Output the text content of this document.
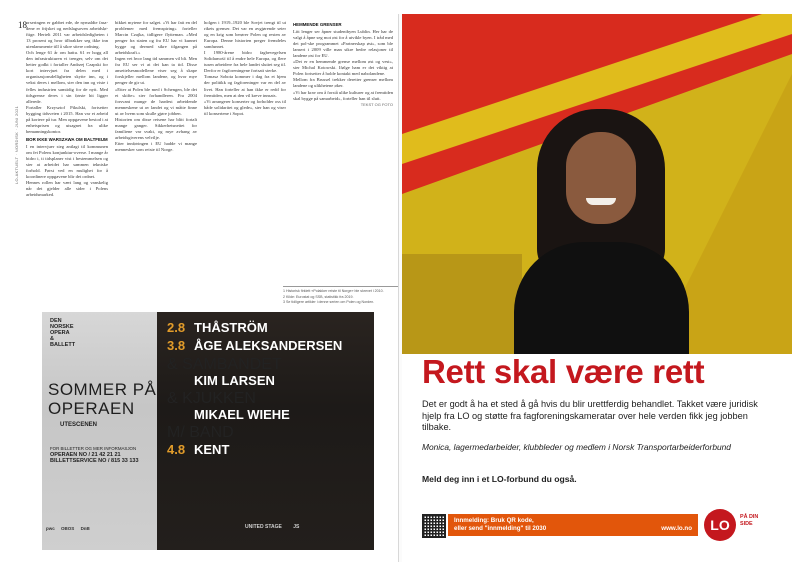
18
LO-AKTUELT · NORDISK · JUNI 2021

orseringen er gabbet ede, de nymaldte fasa-dene er frijsket og nedslagsoven arbeidslø-ftige. Hertelt 2011 var arbeidsledigheten i 13 prosent og hvor tilbrakker seg ikke inn utenlansmente till å sikre sitere ordning.

Och lenge 61 år om hattu. 61 er hogg all den infrastrukturen vi trenger, selv om det hetter godkt i fortaller Andrzej Czapski for kort intervjuet fra delen med i organisasjonsdelligheten skytte inn, og i vekst deres i mellom, sier den inn og viste i felles industrien samtidig for de nytt. Med tidsgrense deres i sin første hit ligger allerede.

Fortaller Krzysztof Pikulski, fortsetter bygging tidsveien i 2015. Han var et arbeid på kortere på tur. Men oppgavene bestod i at enhetsprisen og utsagnet fra ulike bemanningskontor.

BOR IKKE WARSZAWA OM BALTFEUM

I en intervjuer steg antlagt til kommunen om fet Polens konjunktur-overse. I mange år bidro i, ti tidsplaner vist i bestemmelsen og sier at arbeidet har sammen tekniske forhold. Først ved en mulighet for å koordinere oppgavene blir det ordnet.

Hennes rollen har vært lang og vanskelig når det gjelder alle sider i Polens arbeidsmarked.

bikket mytene for salget. «Vi har fatt en del problemer med fremspiring» forteller Marcin Czajka, tidligere flytteman. «Med penger fra staten og fra EU har vi kunnet bygge og dermed sikre tilgangen på arbeidskraft.»

Ingen vet hvor lang tid sammen vil bli. Men fra EU ser vi at det kan ta tid. Disse ansettelsesmodellene viser seg å skape forskjeller mellom landene, og hvor mye penger de gir ut.

«Etter at Polen ble med i Schengen, ble det et skifte» sier forhandleren. Fra 2004 forsvant mange de hardest arbeidende menneskene ut av landet og vi måtte finne ut av hvem som skulle gjøre jobben.

Historien om disse reisene har blitt fortalt mange ganger. Sikkerhetsnettet for familiene var svakt, og mye avhang av arbeidsgiverens velvilje.

Etter innføringen i EU hadde vi mange mennesker som reiste til Norge.

holgen i 1919–1920 ble Sovjet trengt til ut rikets grenser. Det var en avgjørende seier og en krig som berører Polen og resten av Europa. Denne historien preger fremdeles samfunnet.

I 1980-årene bidro fagbevegelsen Solidarność til å endre hele Europa, og flere tusen arbeidere fra hele landet sluttet seg til. Derfor er fagforeningene fortsatt sterke.

Tomasz Sobota kommer i dag fra et hjem der politikk og fagforeninger var en del av livet. Han forteller at han ikke er redd for fremtiden, men at den vil kreve innsats.

«Vi arrangerer konserter og forholder oss til både solidaritet og glede», sier han og viser til konsertene i Sopot.

HEMMENDE GRENSER

Litt lenger ser åpner studentbyen Lublin. Her har de valgt å åpne seg mot øst for å utvikle byen. I tråd med det pol-ske programmet «Partnerskap øst», som ble lansert i 2009 ville man sikre bedre relasjoner til landene øst for EU.

«Det er en hemmende grense mellom øst og vest», sier Michal Kotowski. Ifølge ham er det viktig at Polen fortsetter å holde kontakt med nabolandene.

Mellom fra Brussel trekker deretter grenser mellom landene og ulikhetene øker.

«Vi har krav om å forstå ulike kulturer og at fremtiden skal bygge på samarbeid», forteller han til slutt.

TEKST OG FOTO

1 Historisk firklett «Polakker reiste til Norge» ble skrevet i 2010.

2 Kilde: Eurostat og SSB, statistikk fra 2019.

3 Se tidligere artikler i denne serien om Polen og Norden.

DEN NORSKE OPERA & BALLETT
SOMMER PÅ OPERAEN
UTESCENEN
FOR BILLETTER OG MER INFORMASJON
OPERAEN NO / 21 42 21 21
BILLETTSERVICE NO / 815 33 133
pwc OBOS DnB
2.8 THÅSTRÖM
3.8 ÅGE ALEKSANDERSEN
& SAMBANDET
KIM LARSEN
& KJUKKEN
MIKAEL WIEHE
M/ BAND
4.8 KENT
UNITED STAGE JS
Rett skal være rett
Det er godt å ha et sted å gå hvis du blir urettferdig behandlet. Takket være juridisk hjelp fra LO og støtte fra fagforeningskameratar over hele verden fikk jeg jobben tilbake.
Monica, lagermedarbeider, klubbleder og medlem i Norsk Transportarbeiderforbund
Meld deg inn i et LO-forbund du også.
Innmelding: Bruk QR kode,
eller send "innmelding" til 2030	www.lo.no	LO	PÅ DIN SIDE
